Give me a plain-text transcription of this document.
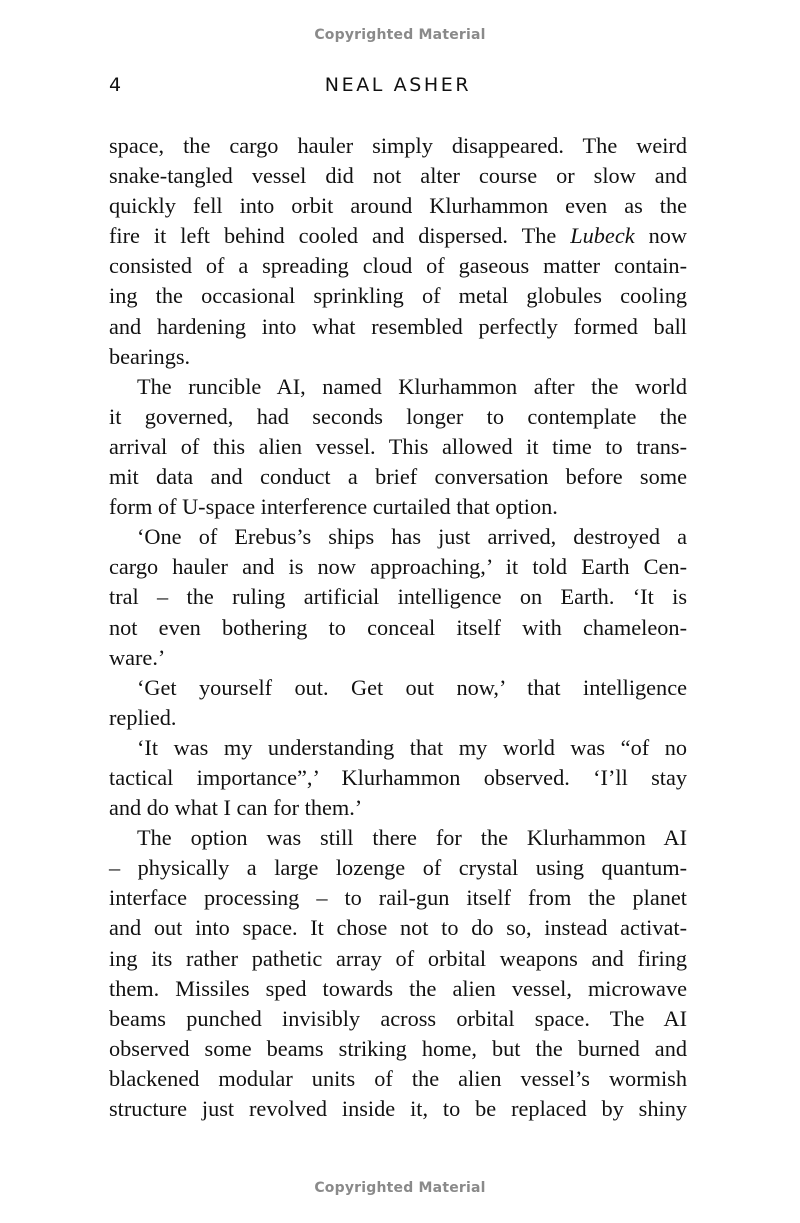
Copyrighted Material
4	NEAL ASHER
space, the cargo hauler simply disappeared. The weird
snake-tangled vessel did not alter course or slow and
quickly fell into orbit around Klurhammon even as the
fire it left behind cooled and dispersed. The Lubeck now
consisted of a spreading cloud of gaseous matter contain-
ing the occasional sprinkling of metal globules cooling
and hardening into what resembled perfectly formed ball
bearings.
The runcible AI, named Klurhammon after the world
it governed, had seconds longer to contemplate the
arrival of this alien vessel. This allowed it time to trans-
mit data and conduct a brief conversation before some
form of U-space interference curtailed that option.
‘One of Erebus’s ships has just arrived, destroyed a
cargo hauler and is now approaching,’ it told Earth Cen-
tral – the ruling artificial intelligence on Earth. ‘It is
not even bothering to conceal itself with chameleon-
ware.’
‘Get yourself out. Get out now,’ that intelligence
replied.
‘It was my understanding that my world was “of no
tactical importance”,’ Klurhammon observed. ‘I’ll stay
and do what I can for them.’
The option was still there for the Klurhammon AI
– physically a large lozenge of crystal using quantum-
interface processing – to rail-gun itself from the planet
and out into space. It chose not to do so, instead activat-
ing its rather pathetic array of orbital weapons and firing
them. Missiles sped towards the alien vessel, microwave
beams punched invisibly across orbital space. The AI
observed some beams striking home, but the burned and
blackened modular units of the alien vessel’s wormish
structure just revolved inside it, to be replaced by shiny
Copyrighted Material
